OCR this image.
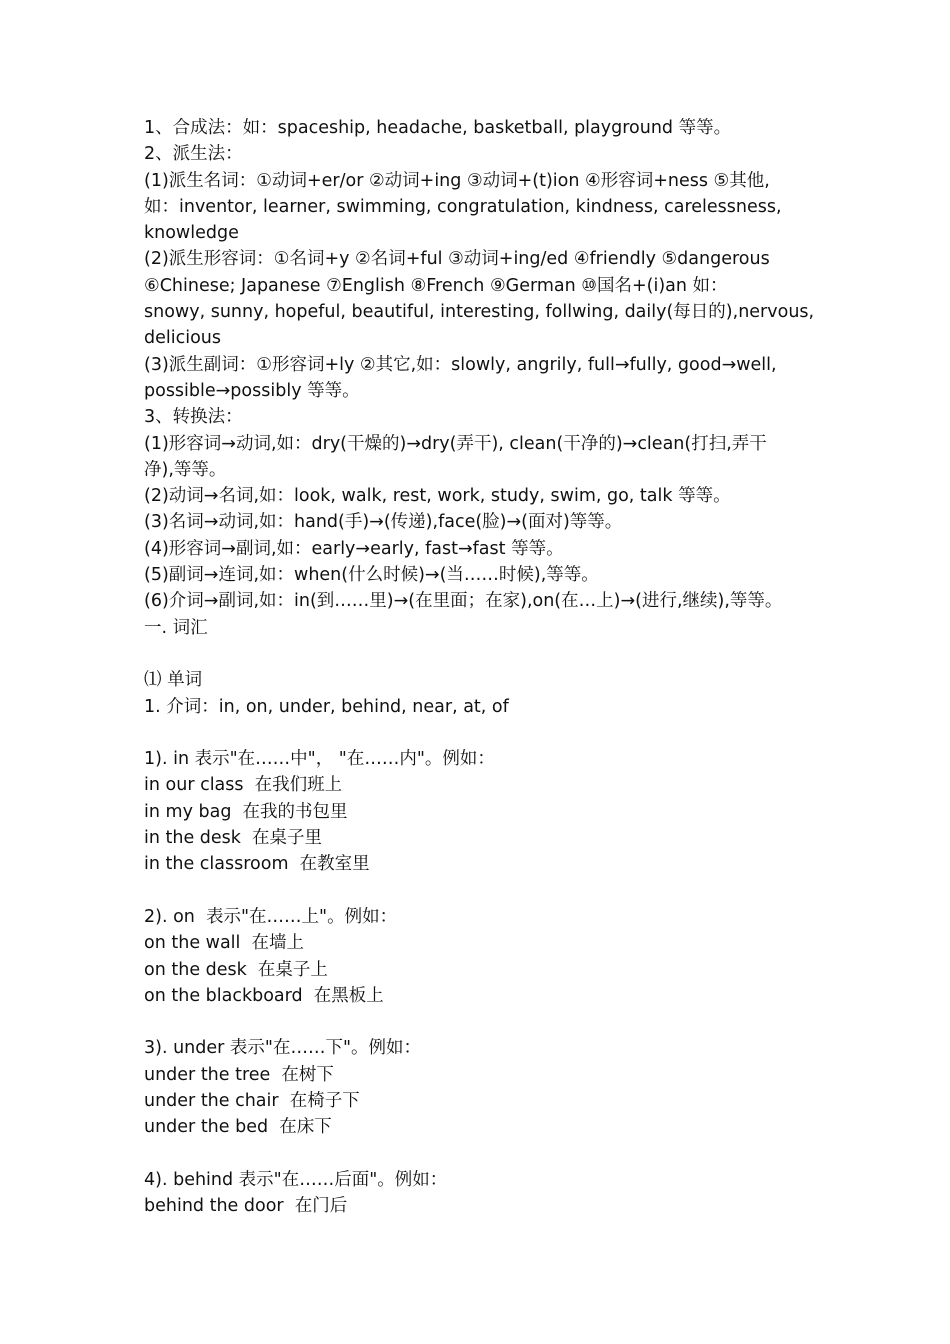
1、合成法：如：spaceship, headache, basketball, playground 等等。
2、派生法：
(1)派生名词：①动词+er/or ②动词+ing ③动词+(t)ion ④形容词+ness ⑤其他,
如：inventor, learner, swimming, congratulation, kindness, carelessness,
knowledge
(2)派生形容词：①名词+y ②名词+ful ③动词+ing/ed ④friendly ⑤dangerous
⑥Chinese; Japanese ⑦English ⑧French ⑨German ⑩国名+(i)an 如：
snowy, sunny, hopeful, beautiful, interesting, follwing, daily(每日的),nervous,
delicious
(3)派生副词：①形容词+ly ②其它,如：slowly, angrily, full→fully, good→well,
possible→possibly 等等。
3、转换法：
(1)形容词→动词,如：dry(干燥的)→dry(弄干), clean(干净的)→clean(打扫,弄干
净),等等。
(2)动词→名词,如：look, walk, rest, work, study, swim, go, talk 等等。
(3)名词→动词,如：hand(手)→(传递),face(脸)→(面对)等等。
(4)形容词→副词,如：early→early, fast→fast 等等。
(5)副词→连词,如：when(什么时候)→(当……时候),等等。
(6)介词→副词,如：in(到……里)→(在里面；在家),on(在…上)→(进行,继续),等等。
一. 词汇
⑴ 单词
1. 介词：in, on, under, behind, near, at, of
1). in 表示"在……中"， "在……内"。例如：
in our class  在我们班上
in my bag  在我的书包里
in the desk  在桌子里
in the classroom  在教室里
2). on  表示"在……上"。例如：
on the wall  在墙上
on the desk  在桌子上
on the blackboard  在黑板上
3). under 表示"在……下"。例如：
under the tree  在树下
under the chair  在椅子下
under the bed  在床下
4). behind 表示"在……后面"。例如：
behind the door  在门后
